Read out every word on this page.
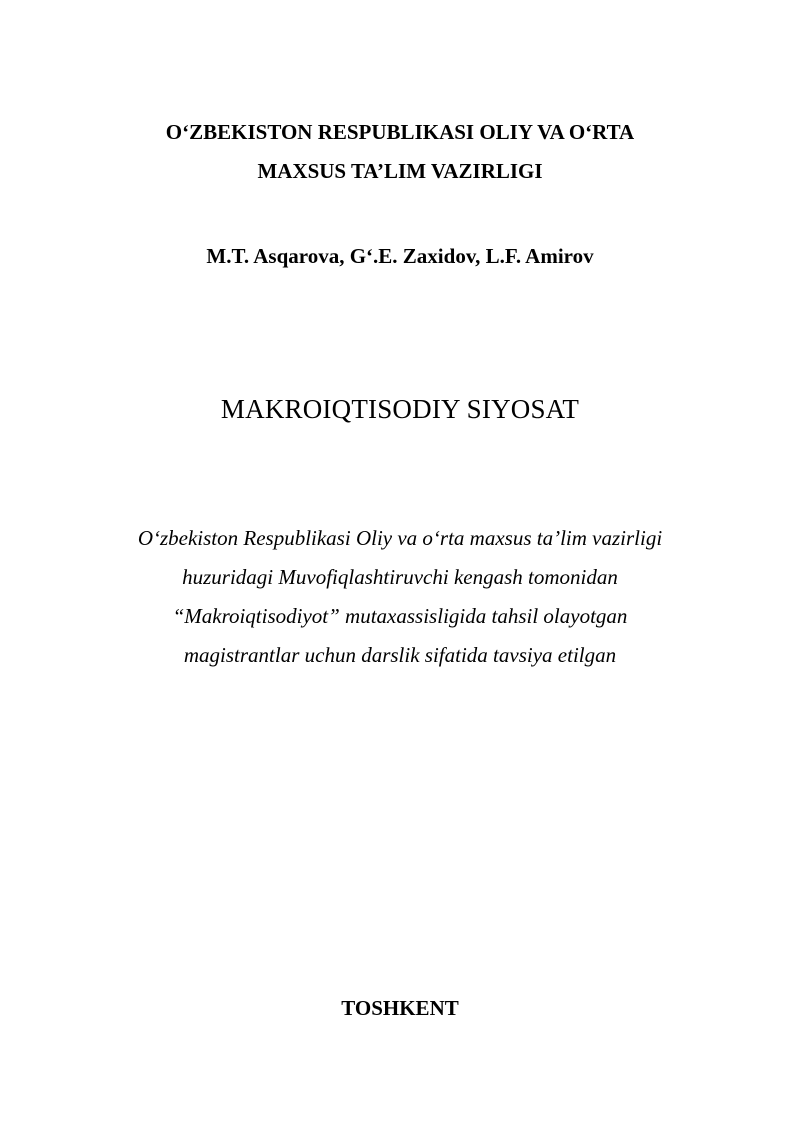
O‘ZBEKISTON RESPUBLIKASI OLIY VA O‘RTA
MAXSUS TA’LIM VAZIRLIGI
M.T. Asqarova, G‘.E. Zaxidov, L.F. Amirov
MAKROIQTISODIY SIYOSAT
O‘zbekiston Respublikasi Oliy va o‘rta maxsus ta’lim vazirligi
huzuridagi Muvofiqlashtiruvchi kengash tomonidan
“Makroiqtisodiyot” mutaxassisligida tahsil olayotgan
magistrantlar uchun darslik sifatida tavsiya etilgan
TOSHKENT
